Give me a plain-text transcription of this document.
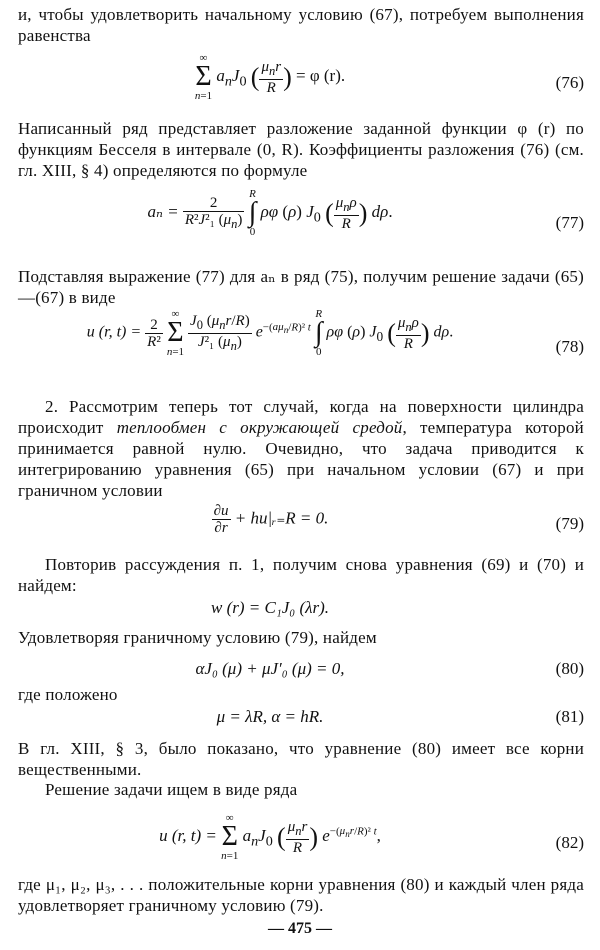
и, чтобы удовлетворить начальному условию (67), потребуем выполнения равенства
∞
Σ
n=1
$a_nJ_0$ ( $\frac{\mu_nr}{R}$ ) = φ (r).	(76)
Написанный ряд представляет разложение заданной функции φ (r) по функциям Бесселя в интервале (0, R). Коэффициенты разложения (76) (см. гл. XIII, § 4) определяются по формуле
$a_n = \frac{2}{R^2J^2_1 (\mu_n)}$

R
∫
0
ρφ (ρ) $J_0$ ( $\frac{\mu_n\rho}{R}$ ) dρ.
(77)
Подставляя выражение (77) для aₙ в ряд (75), получим решение задачи (65)—(67) в виде
u (r, $t) = \frac{2}{\text{R²}}$

∞
Σ
n=1
$\frac{J_0 (\mu_nr/R)}{J^2_1 (\mu_n)} e^{-(a\mu_n/R)^2 t}$
R
∫
0
ρφ (ρ) $J_0$ ( $\frac{\mu_n\rho}{R}$ ) dρ.
(78)
2. Рассмотрим теперь тот случай, когда на поверхности цилиндра происходит теплообмен с окружающей средой, температура которой принимается равной нулю. Очевидно, что задача приводится к интегрированию уравнения (65) при начальном условии (67) и при граничном условии
$\frac{\partial u}{\partial r}$ + hu|ᵣ₌R = 0.	(79)
Повторив рассуждения п. 1, получим снова уравнения (69) и (70) и найдем:
w (r) = C₁J₀ (λr).
Удовлетворяя граничному условию (79), найдем
αJ₀ (μ) + μJ′₀ (μ) = 0,	(80)
где положено
μ = λR, α = hR.	(81)
В гл. XIII, § 3, было показано, что уравнение (80) имеет все корни вещественными.
Решение задачи ищем в виде ряда
u (r, t) =
∞
Σ
n=1
$a_nJ_0$ ( $\frac{\mu_nr}{R}$ ) $e^{-(\mu_nr/R)^2 t}$,	(82)
где μ₁, μ₂, μ₃, . . . положительные корни уравнения (80) и каждый член ряда удовлетворяет граничному условию (79).
— 475 —
